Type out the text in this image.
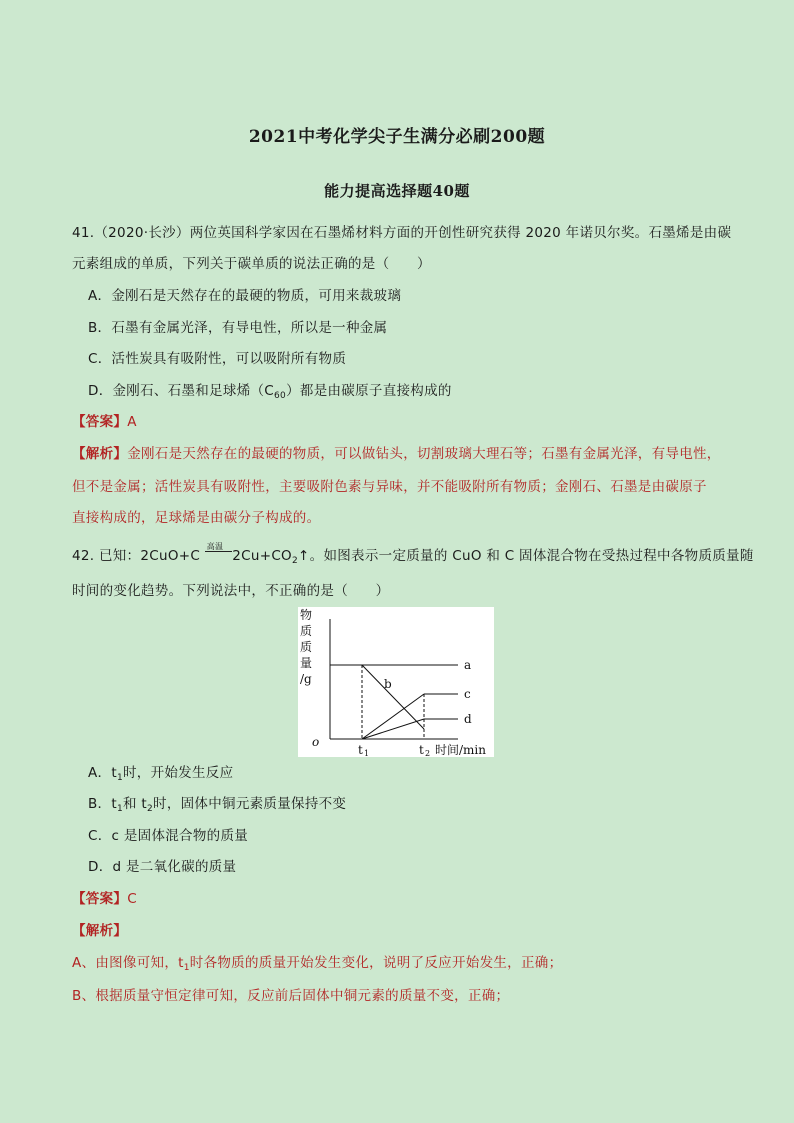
2021中考化学尖子生满分必刷200题
能力提高选择题40题
41.（2020·长沙）两位英国科学家因在石墨烯材料方面的开创性研究获得 2020 年诺贝尔奖。石墨烯是由碳
元素组成的单质，下列关于碳单质的说法正确的是（　　）
A．金刚石是天然存在的最硬的物质，可用来裁玻璃
B．石墨有金属光泽，有导电性，所以是一种金属
C．活性炭具有吸附性，可以吸附所有物质
D．金刚石、石墨和足球烯$(C_{60})$都是由碳原子直接构成的
【答案】A
【解析】金刚石是天然存在的最硬的物质，可以做钻头，切割玻璃大理石等；石墨有金属光泽，有导电性，
但不是金属；活性炭具有吸附性，主要吸附色素与异味，并不能吸附所有物质；金刚石、石墨是由碳原子
直接构成的，足球烯是由碳分子构成的。
42. 已知：2CuO+C
高温
$2Cu+CO_2↑$。如图表示一定质量的 CuO 和 C 固体混合物在受热过程中各物质质量随
时间的变化趋势。下列说法中，不正确的是（　　）
物
质
质
量
/g
a
b
c
d
o
t 1	t 2 时间/min
A．$t_1$时，开始发生反应
B．$t_1$和 $t_2$时，固体中铜元素质量保持不变
C．c 是固体混合物的质量
D．d 是二氧化碳的质量
【答案】C
【解析】
A、由图像可知，$t_1$时各物质的质量开始发生变化，说明了反应开始发生，正确；
B、根据质量守恒定律可知，反应前后固体中铜元素的质量不变，正确；
